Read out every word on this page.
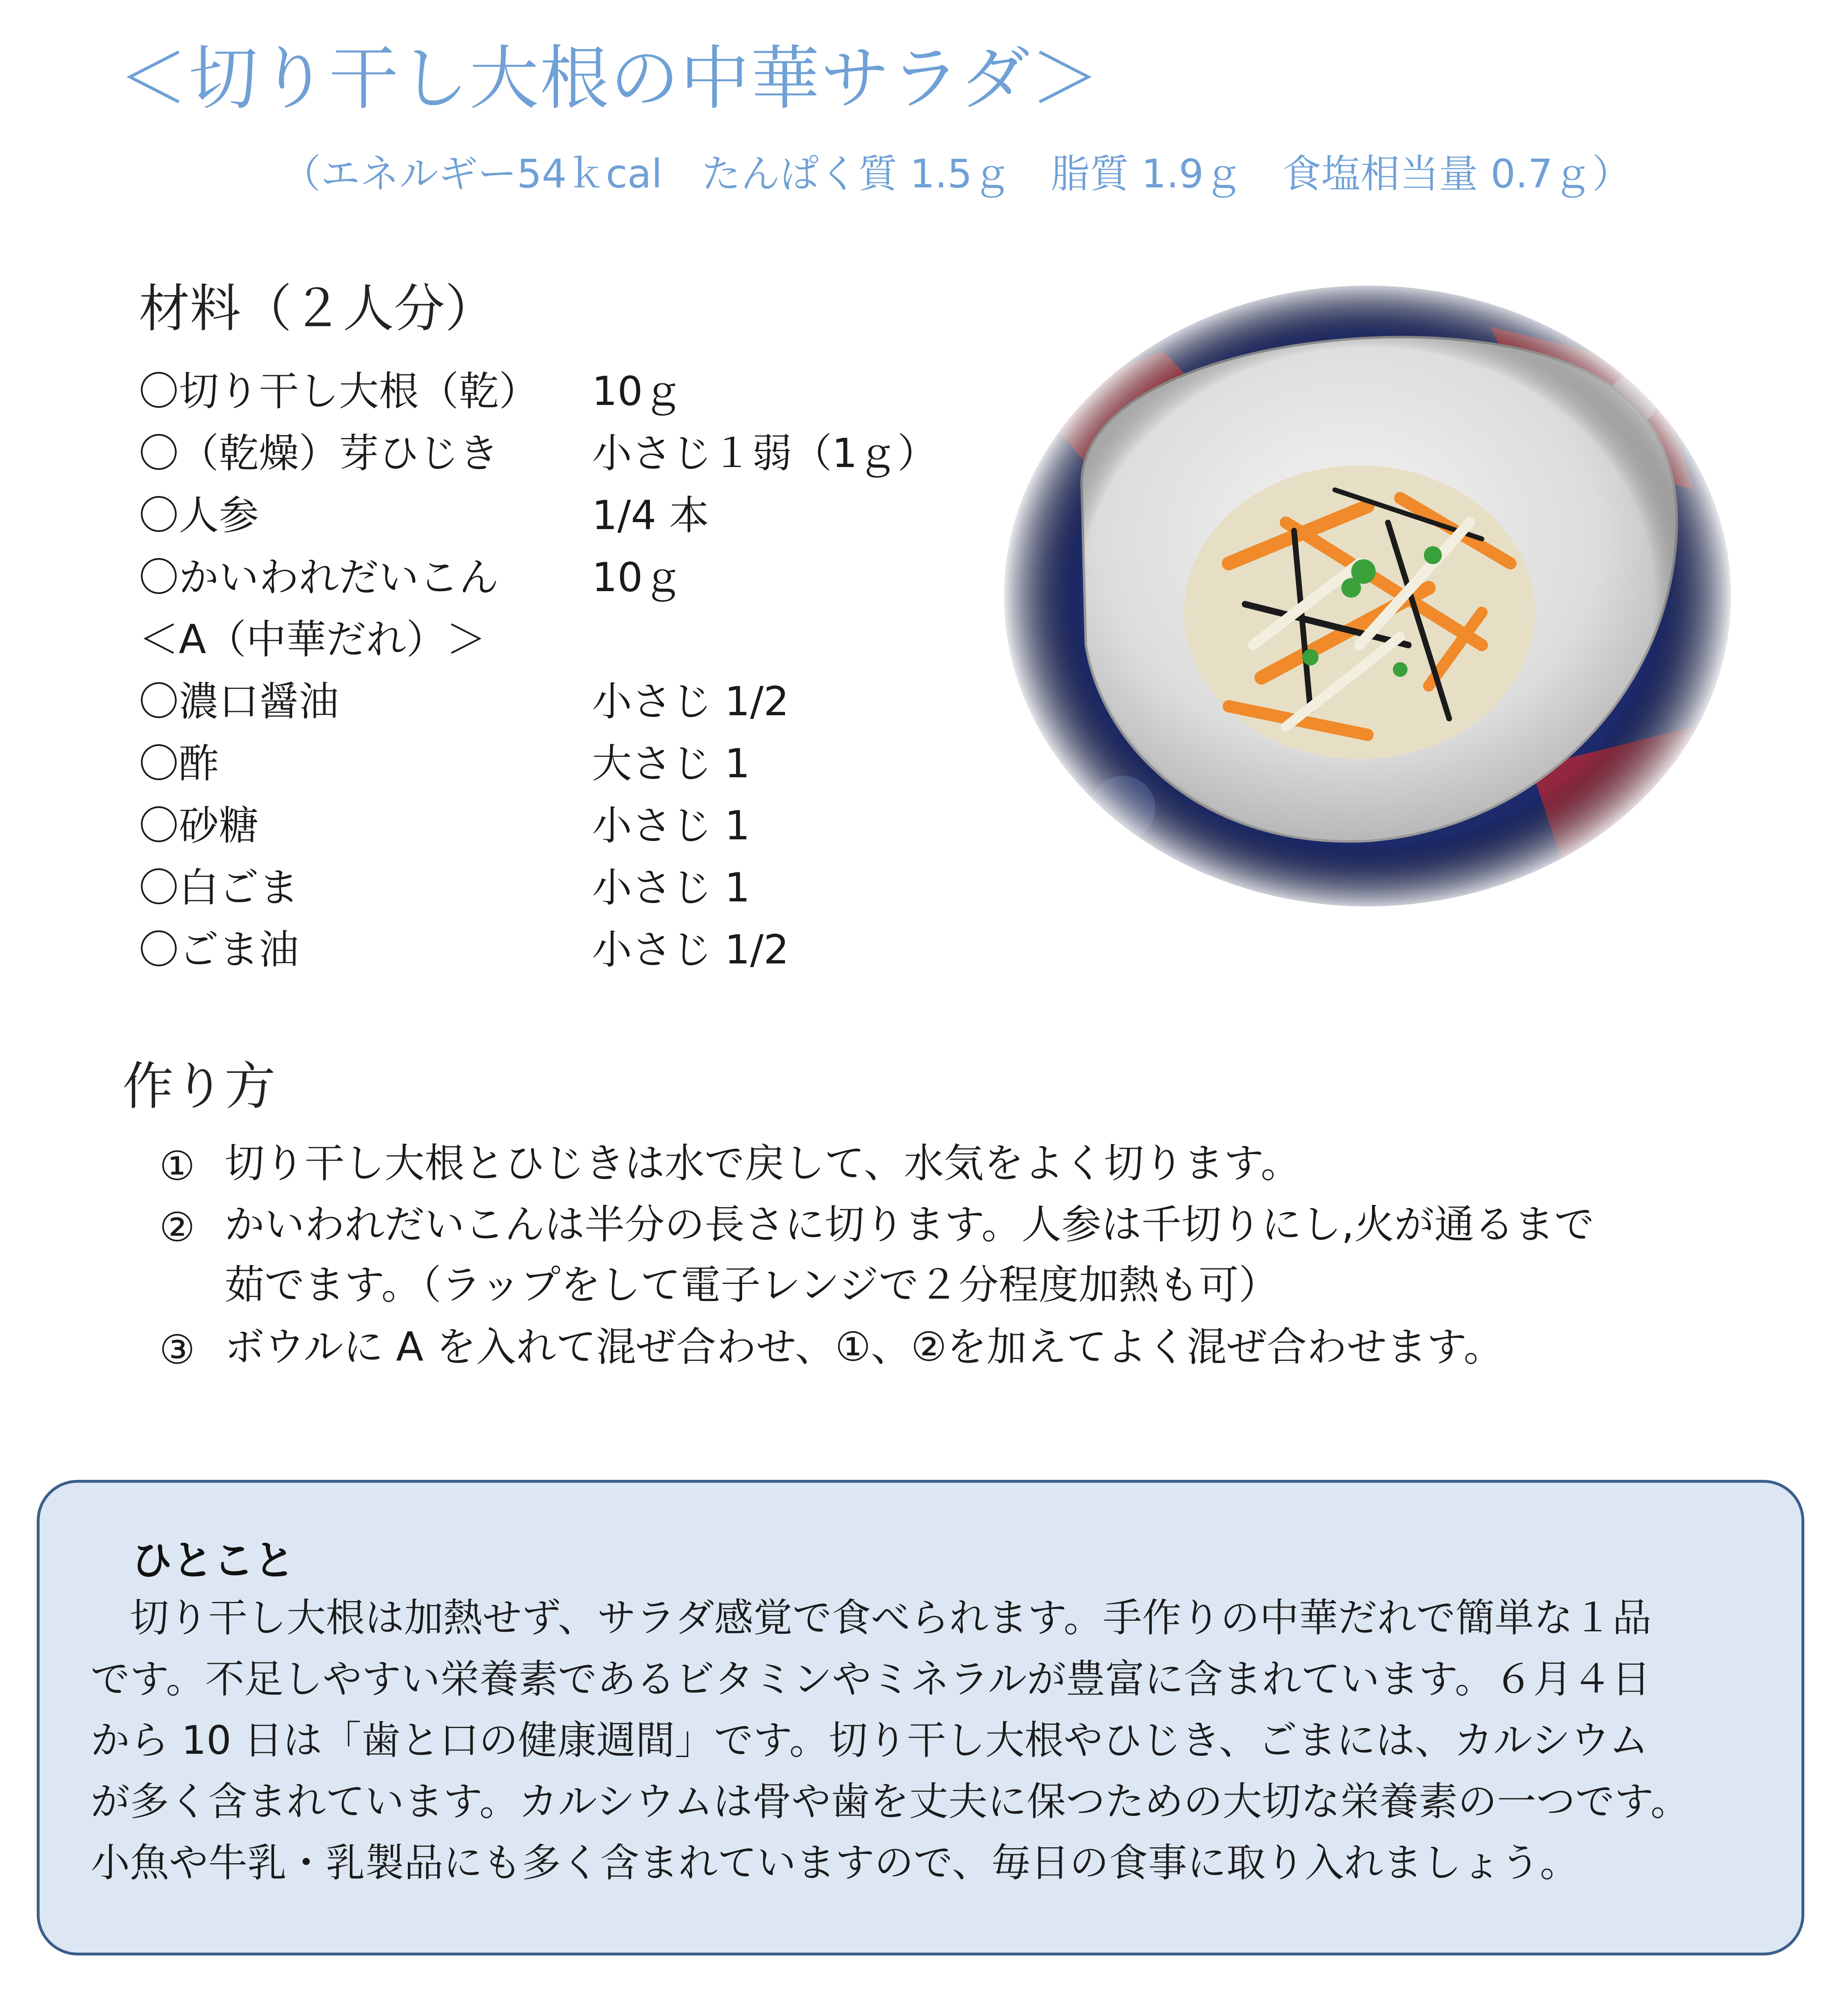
＜切り干し大根の中華サラダ＞
（エネルギー54ｋcal　たんぱく質 1.5ｇ　脂質 1.9ｇ　食塩相当量 0.7ｇ）
材料（２人分）
〇切り干し大根（乾） 10ｇ
〇（乾燥）芽ひじき 小さじ１弱（1ｇ）
〇人参	1/4 本
〇かいわれだいこん 10ｇ
＜A（中華だれ）＞
〇濃口醤油	小さじ 1/2
〇酢	大さじ 1
〇砂糖	小さじ 1
〇白ごま	小さじ 1
〇ごま油	小さじ 1/2
作り方
① 切り干し大根とひじきは水で戻して、水気をよく切ります。
② かいわれだいこんは半分の長さに切ります。人参は千切りにし,火が通るまで
茹でます。（ラップをして電子レンジで２分程度加熱も可）
③ ボウルに A を入れて混ぜ合わせ、①、②を加えてよく混ぜ合わせます。
ひとこと
　切り干し大根は加熱せず、サラダ感覚で食べられます。手作りの中華だれで簡単な１品
です。不足しやすい栄養素であるビタミンやミネラルが豊富に含まれています。６月４日
から 10 日は「歯と口の健康週間」です。切り干し大根やひじき、ごまには、カルシウム
が多く含まれています。カルシウムは骨や歯を丈夫に保つための大切な栄養素の一つです。
小魚や牛乳・乳製品にも多く含まれていますので、毎日の食事に取り入れましょう。
